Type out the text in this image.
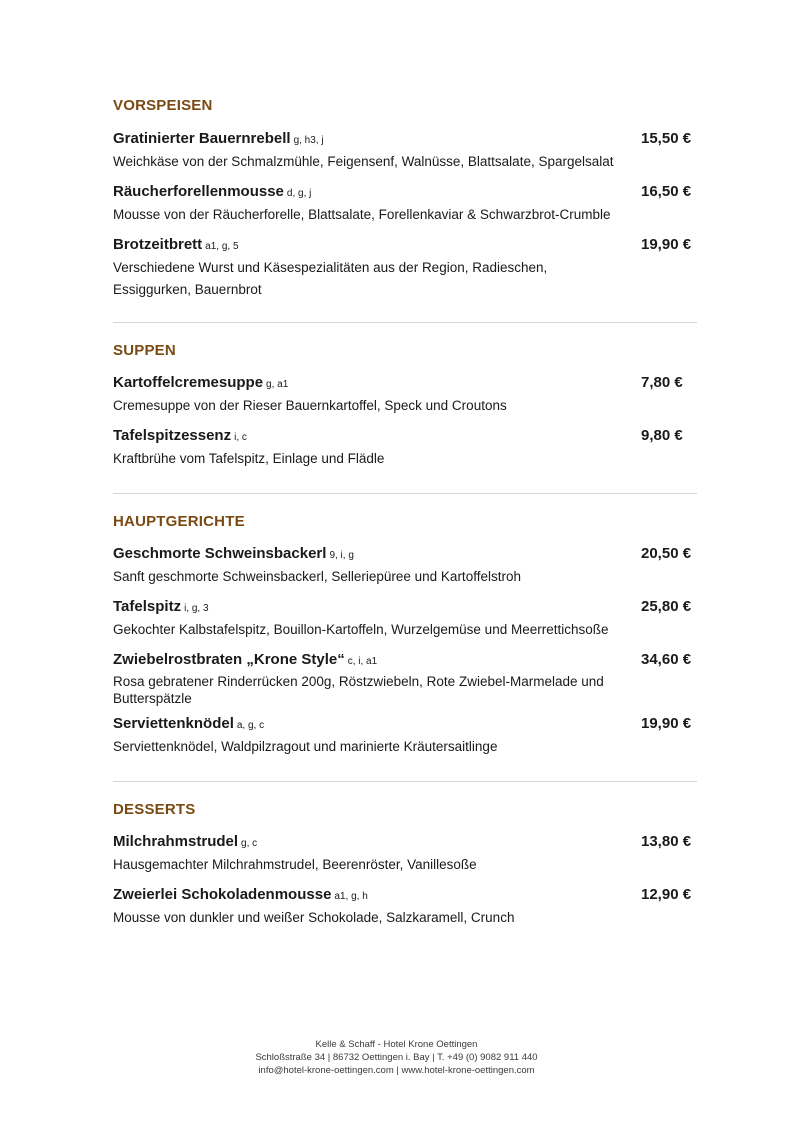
VORSPEISEN
Gratinierter Bauernrebell g, h3, j	15,50 €
Weichkäse von der Schmalzmühle, Feigensenf, Walnüsse, Blattsalate, Spargelsalat
Räucherforellenmousse d, g, j	16,50 €
Mousse von der Räucherforelle, Blattsalate, Forellenkaviar & Schwarzbrot-Crumble
Brotzeitbrett a1, g, 5	19,90 €
Verschiedene Wurst und Käsespezialitäten aus der Region, Radieschen, Essiggurken, Bauernbrot
SUPPEN
Kartoffelcremesuppe g, a1	7,80 €
Cremesuppe von der Rieser Bauernkartoffel, Speck und Croutons
Tafelspitzessenz i, c	9,80 €
Kraftbrühe vom Tafelspitz, Einlage und Flädle
HAUPTGERICHTE
Geschmorte Schweinsbackerl 9, i, g	20,50 €
Sanft geschmorte Schweinsbackerl, Selleriepüree und Kartoffelstroh
Tafelspitz i, g, 3	25,80 €
Gekochter Kalbstafelspitz, Bouillon-Kartoffeln, Wurzelgemüse und Meerrettichsoße
Zwiebelrostbraten „Krone Style“ c, i, a1	34,60 €
Rosa gebratener Rinderrücken 200g, Röstzwiebeln, Rote Zwiebel-Marmelade und Butterspätzle
Serviettenknödel a, g, c	19,90 €
Serviettenknödel, Waldpilzragout und marinierte Kräutersaitlinge
DESSERTS
Milchrahmstrudel g, c	13,80 €
Hausgemachter Milchrahmstrudel, Beerenröster, Vanillesoße
Zweierlei Schokoladenmousse a1, g, h	12,90 €
Mousse von dunkler und weißer Schokolade, Salzkaramell, Crunch
Kelle & Schaff - Hotel Krone Oettingen
Schloßstraße 34 | 86732 Oettingen i. Bay | T. +49 (0) 9082 911 440
info@hotel-krone-oettingen.com | www.hotel-krone-oettingen.com
